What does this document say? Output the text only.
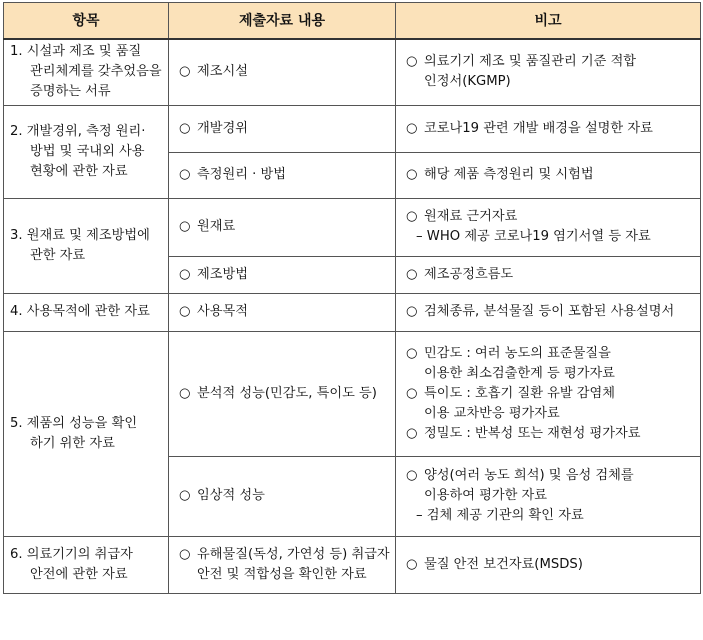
항목	제출자료 내용	비고

1. 시설과 제조 및 품질
관리체계를 갖추었음을
증명하는 서류	○ 제조시설	○ 의료기기 제조 및 품질관리 기준 적합
인정서(KGMP)

2. 개발경위, 측정 원리·
방법 및 국내외 사용
현황에 관한 자료	○ 개발경위	○ 코로나19 관련 개발 배경을 설명한 자료
	○ 측정원리 · 방법	○ 해당 제품 측정원리 및 시험법

3. 원재료 및 제조방법에
관한 자료	○ 원재료	○ 원재료 근거자료
– WHO 제공 코로나19 염기서열 등 자료

	○ 제조방법	○ 제조공정흐름도

4. 사용목적에 관한 자료	○ 사용목적	○ 검체종류, 분석물질 등이 포함된 사용설명서

5. 제품의 성능을 확인
하기 위한 자료	○ 분석적 성능(민감도, 특이도 등)	○ 민감도 : 여러 농도의 표준물질을
이용한 최소검출한계 등 평가자료
○ 특이도 : 호흡기 질환 유발 감염체
이용 교차반응 평가자료
○ 정밀도 : 반복성 또는 재현성 평가자료

	○ 임상적 성능	○ 양성(여러 농도 희석) 및 음성 검체를
이용하여 평가한 자료
– 검체 제공 기관의 확인 자료

6. 의료기기의 취급자
안전에 관한 자료	○ 유해물질(독성, 가연성 등) 취급자
안전 및 적합성을 확인한 자료	○ 물질 안전 보건자료(MSDS)
